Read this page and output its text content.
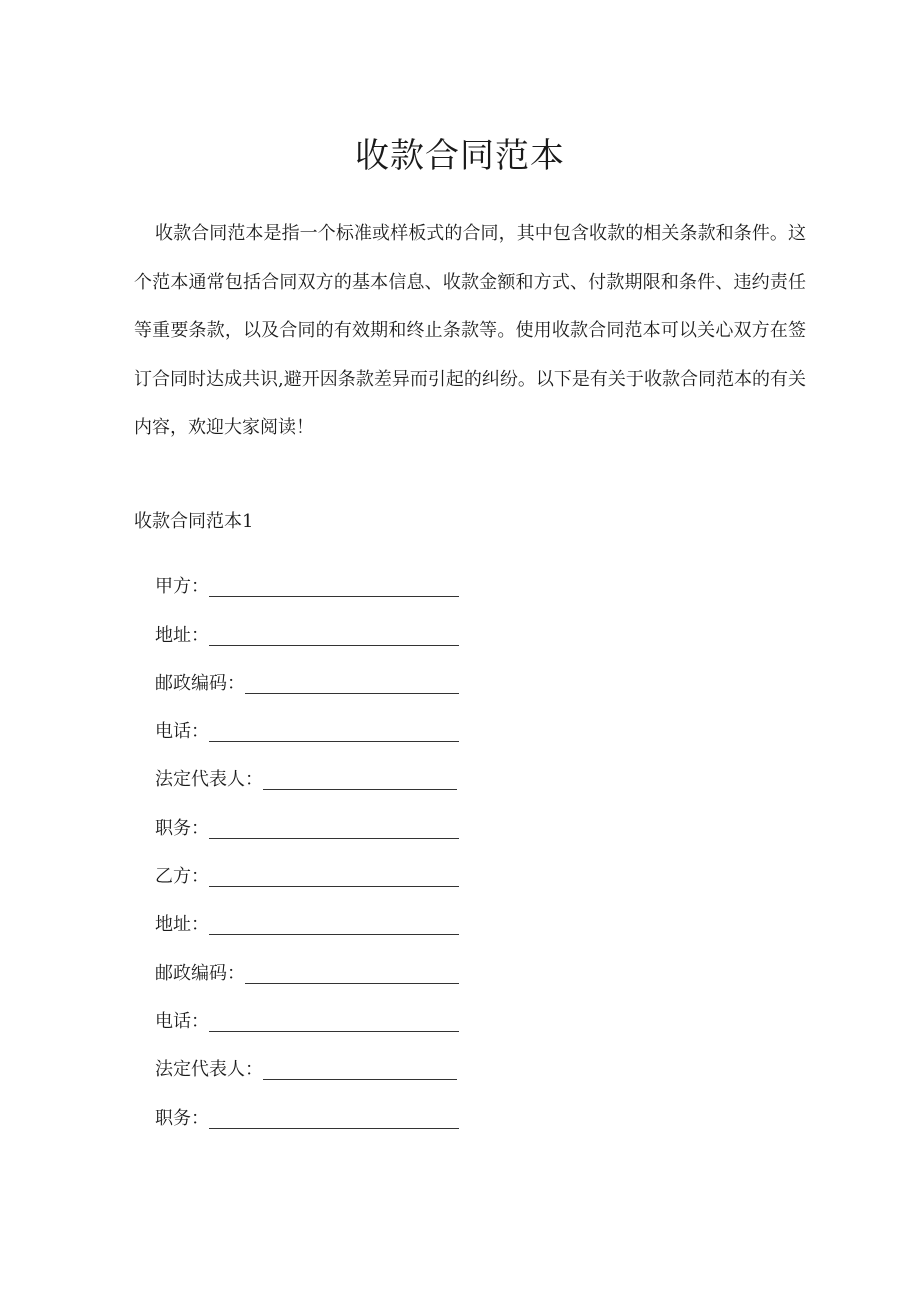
收款合同范本

收款合同范本是指一个标准或样板式的合同，其中包含收款的相关条款和条件。这个范本通常包括合同双方的基本信息、收款金额和方式、付款期限和条件、违约责任等重要条款，以及合同的有效期和终止条款等。使用收款合同范本可以关心双方在签订合同时达成共识,避开因条款差异而引起的纠纷。以下是有关于收款合同范本的有关内容，欢迎大家阅读！

收款合同范本1
甲方：
地址：
邮政编码：
电话：
法定代表人：
职务：
乙方：
地址：
邮政编码：
电话：
法定代表人：
职务：
